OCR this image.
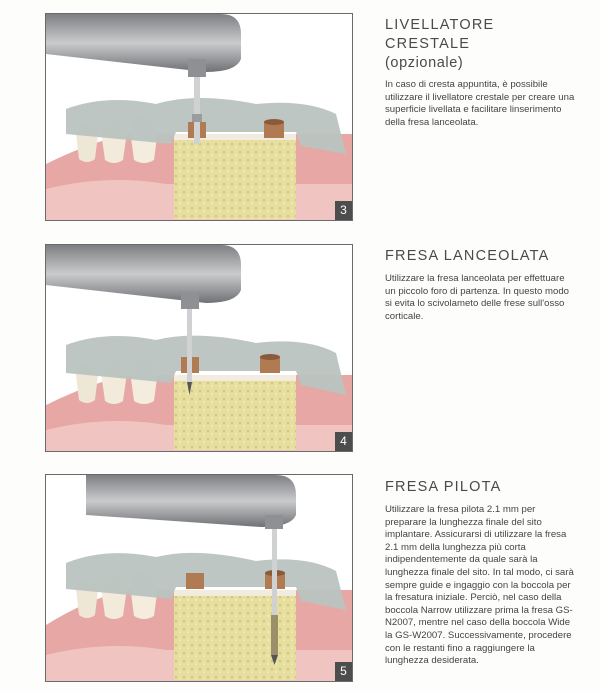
3
LIVELLATORE CRESTALE
(opzionale)

In caso di cresta appuntita, è possibile utilizzare il livellatore crestale per creare una superficie livellata e facilitare linserimento della fresa lanceolata.

4
FRESA LANCEOLATA

Utilizzare la fresa lanceolata per effettuare un piccolo foro di partenza. In questo modo si evita lo scivolameto delle frese sull'osso corticale.

5
FRESA PILOTA

Utilizzare la fresa pilota 2.1 mm per preparare la lunghezza finale del sito implantare. Assicurarsi di utilizzare la fresa 2.1 mm della lunghezza più corta indipendentemente da quale sarà la lunghezza finale del sito. In tal modo, ci sarà sempre guide e ingaggio con la boccola per la fresatura iniziale. Perciò, nel caso della boccola Narrow utilizzare prima la fresa GS-N2007, mentre nel caso della boccola Wide la GS-W2007. Successivamente, procedere con le restanti fino a raggiungere la lunghezza desiderata.
